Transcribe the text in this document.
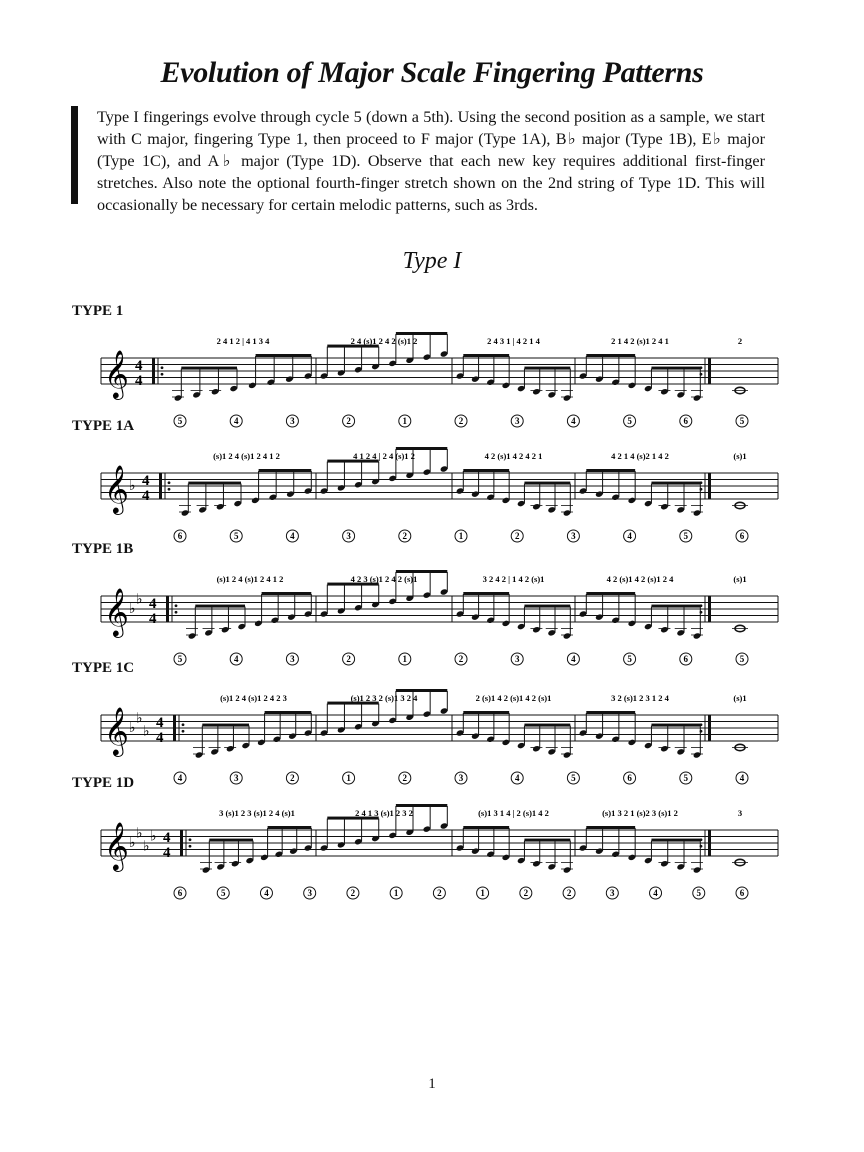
Evolution of Major Scale Fingering Patterns
Type I fingerings evolve through cycle 5 (down a 5th). Using the second position as a sample, we start with C major, fingering Type 1, then proceed to F major (Type 1A), B♭ major (Type 1B), E♭ major (Type 1C), and A♭ major (Type 1D). Observe that each new key requires additional first-finger stretches. Also note the optional fourth-finger stretch shown on the 2nd string of Type 1D. This will occasionally be necessary for certain melodic patterns, such as 3rds.
Type I
TYPE 1
𝄞 4
4
2 4 1 2 | 4 1 3 4	2 4 (s)1 2 4 2 (s)1 2	2 4 3 1 | 4 2 1 4	2 1 4 2 (s)1 2 4 1	2
5	4	3	2	1	2	3	4	5	6	5
TYPE 1A
𝄞 ♭ 4
4
(s)1 2 4 (s)1 2 4 1 2	4 1 2 4 | 2 4 (s)1 2	4 2 (s)1 4 2 4 2 1	4 2 1 4 (s)2 1 4 2	(s)1
6	5	4	3	2	1	2	3	4	5	6
TYPE 1B
𝄞 ♭
♭ 4
4
(s)1 2 4 (s)1 2 4 1 2	4 2 3 (s)1 2 4 2 (s)1	3 2 4 2 | 1 4 2 (s)1	4 2 (s)1 4 2 (s)1 2 4	(s)1
5	4	3	2	1	2	3	4	5	6	5
TYPE 1C
𝄞 ♭
♭
♭
4
4
(s)1 2 4 (s)1 2 4 2 3	(s)1 2 3 2 (s)1 3 2 4	2 (s)1 4 2 (s)1 4 2 (s)1	3 2 (s)1 2 3 1 2 4	(s)1
4	3	2	1	2	3	4	5	6	5	4
TYPE 1D
𝄞 ♭
♭
♭
♭ 4
4
3 (s)1 2 3 (s)1 2 4 (s)1	2 4 1 3 (s)1 2 3 2	(s)1 3 1 4 | 2 (s)1 4 2	(s)1 3 2 1 (s)2 3 (s)1 2	3
6	5	4	3	2	1	2	1	2	2	3	4	5	6
1
